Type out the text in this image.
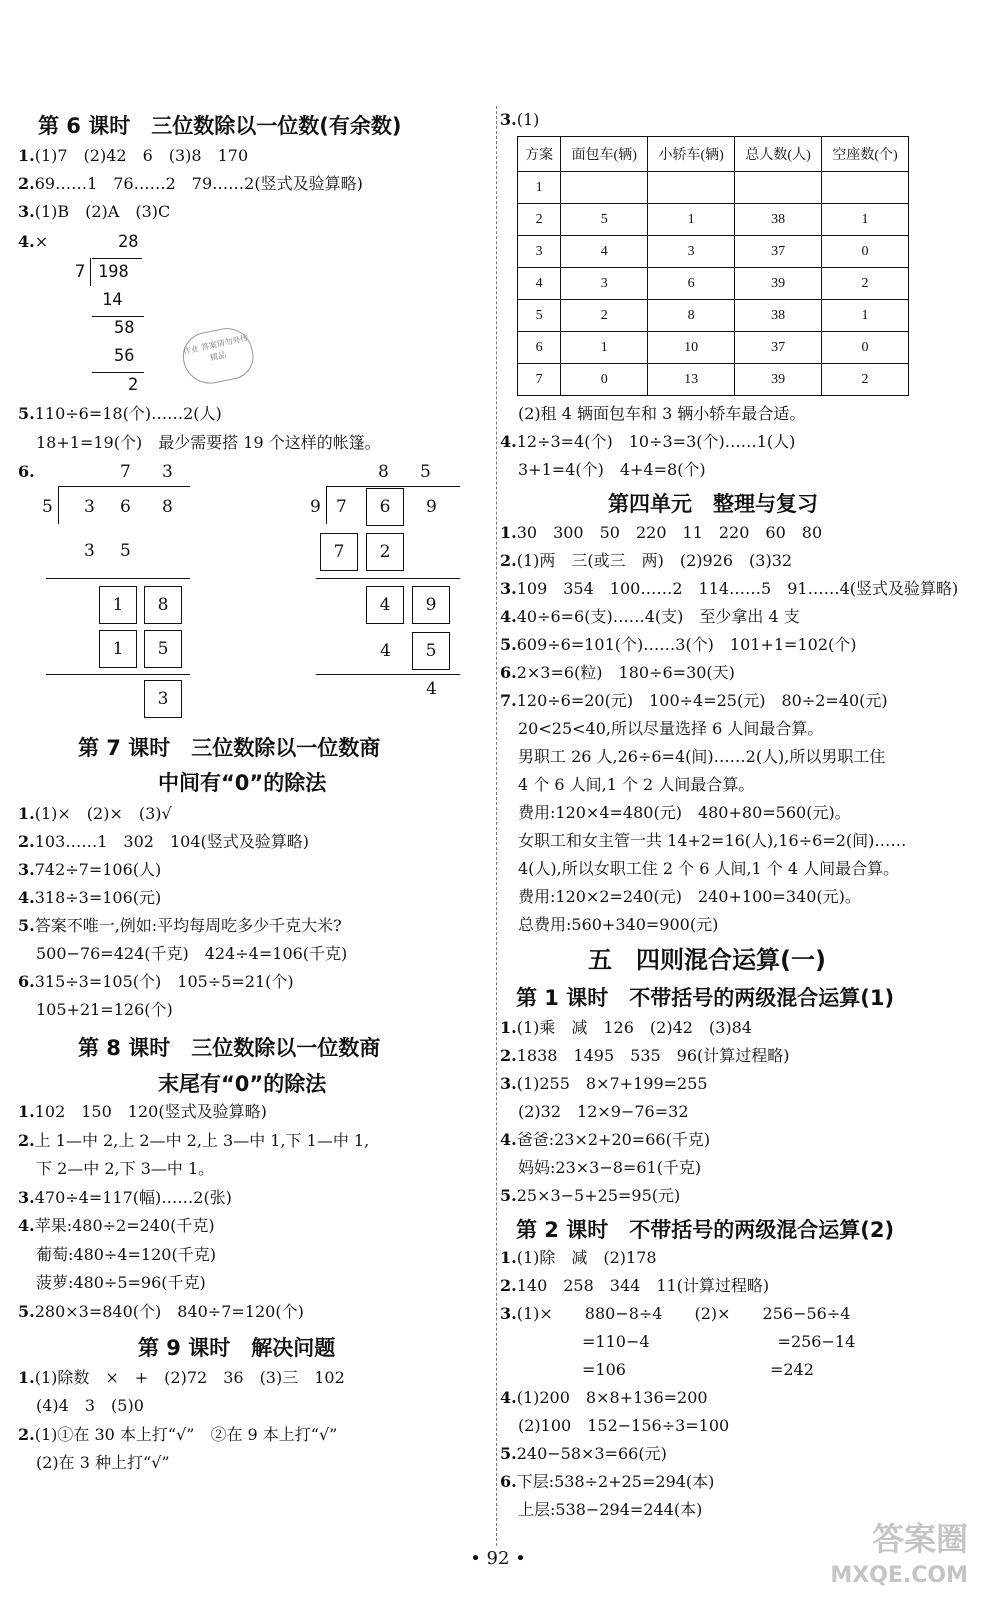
第 6 课时　三位数除以一位数(有余数)
1.(1)7　(2)42　6　(3)8　170
2.69……1　76……2　79……2(竖式及验算略)
3.(1)B　(2)A　(3)C
4.×	28
7 198
14
58
56
2
作业 答案请勿外传 精品
5.110÷6=18(个)……2(人)
18+1=19(个)　最少需要搭 19 个这样的帐篷。
6.	7 3
5 3 6 8
3 5
1	8
1	5
3
8 5
9 7	6	9
7	2
4	9
4	5
4
第 7 课时　三位数除以一位数商
中间有“0”的除法
1.(1)×　(2)×　(3)√
2.103……1　302　104(竖式及验算略)
3.742÷7=106(人)
4.318÷3=106(元)
5.答案不唯一,例如:平均每周吃多少千克大米?
500−76=424(千克)　424÷4=106(千克)
6.315÷3=105(个)　105÷5=21(个)
105+21=126(个)
第 8 课时　三位数除以一位数商
末尾有“0”的除法
1.102　150　120(竖式及验算略)
2.上 1—中 2,上 2—中 2,上 3—中 1,下 1—中 1,
下 2—中 2,下 3—中 1。
3.470÷4=117(幅)……2(张)
4.苹果:480÷2=240(千克)
葡萄:480÷4=120(千克)
菠萝:480÷5=96(千克)
5.280×3=840(个)　840÷7=120(个)
第 9 课时　解决问题
1.(1)除数　×　+　(2)72　36　(3)三　102
(4)4　3　(5)0
2.(1)①在 30 本上打“√”　②在 9 本上打“√”
(2)在 3 种上打“√”
3.(1)
方案	面包车(辆)	小轿车(辆)	总人数(人)	空座数(个)
1				
2	5	1	38	1
3	4	3	37	0
4	3	6	39	2
5	2	8	38	1
6	1	10	37	0
7	0	13	39	2
(2)租 4 辆面包车和 3 辆小轿车最合适。
4.12÷3=4(个)　10÷3=3(个)……1(人)
3+1=4(个)　4+4=8(个)
第四单元　整理与复习
1.30　300　50　220　11　220　60　80
2.(1)两　三(或三　两)　(2)926　(3)32
3.109　354　100……2　114……5　91……4(竖式及验算略)
4.40÷6=6(支)……4(支)　至少拿出 4 支
5.609÷6=101(个)……3(个)　101+1=102(个)
6.2×3=6(粒)　180÷6=30(天)
7.120÷6=20(元)　100÷4=25(元)　80÷2=40(元)
20<25<40,所以尽量选择 6 人间最合算。
男职工 26 人,26÷6=4(间)……2(人),所以男职工住
4 个 6 人间,1 个 2 人间最合算。
费用:120×4=480(元)　480+80=560(元)。
女职工和女主管一共 14+2=16(人),16÷6=2(间)……
4(人),所以女职工住 2 个 6 人间,1 个 4 人间最合算。
费用:120×2=240(元)　240+100=340(元)。
总费用:560+340=900(元)
五　四则混合运算(一)
第 1 课时　不带括号的两级混合运算(1)
1.(1)乘　减　126　(2)42　(3)84
2.1838　1495　535　96(计算过程略)
3.(1)255　8×7+199=255
(2)32　12×9−76=32
4.爸爸:23×2+20=66(千克)
妈妈:23×3−8=61(千克)
5.25×3−5+25=95(元)
第 2 课时　不带括号的两级混合运算(2)
1.(1)除　减　(2)178
2.140　258　344　11(计算过程略)
3.(1)×　　880−8÷4　　(2)×　　256−56÷4
　　　　=110−4　　　　　　　　=256−14
　　　　=106　　　　　　　　　=242
4.(1)200　8×8+136=200
(2)100　152−156÷3=100
5.240−58×3=66(元)
6.下层:538÷2+25=294(本)
上层:538−294=244(本)
• 92 •
答案圈
MXQE.COM
